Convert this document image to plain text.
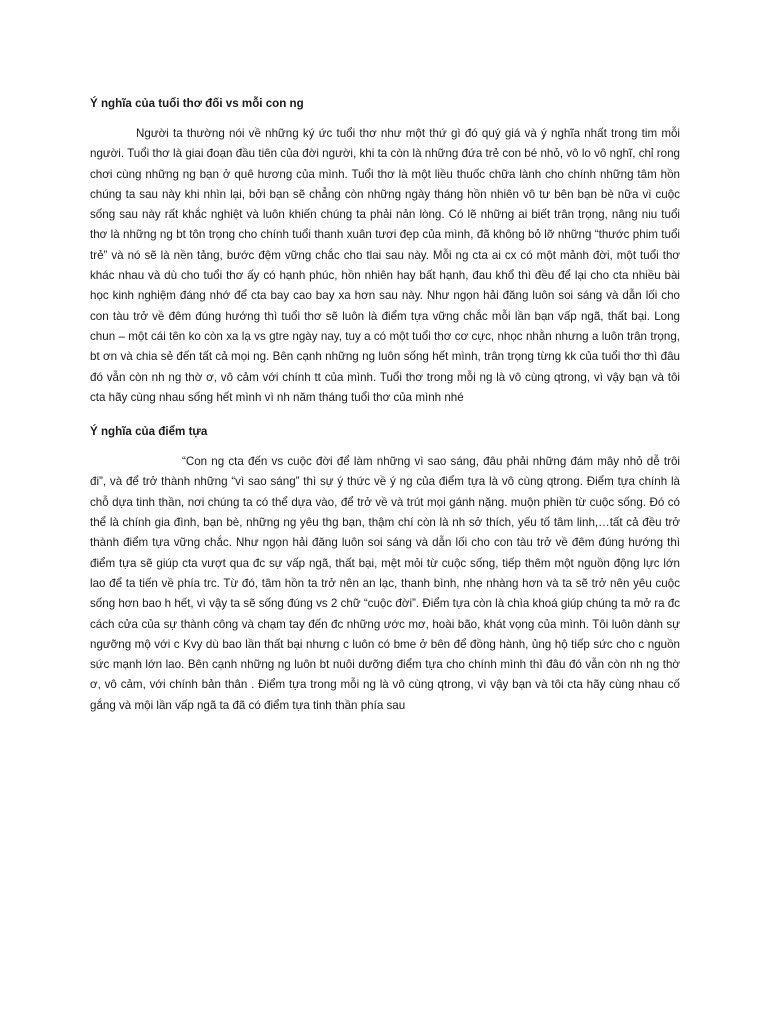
Ý nghĩa của tuổi thơ đối vs mỗi con ng

Người ta thường nói về những ký ức tuổi thơ như một thứ gì đó quý giá và ý nghĩa nhất trong tim mỗi người. Tuổi thơ là giai đoạn đầu tiên của đời người, khi ta còn là những đứa trẻ con bé nhỏ, vô lo vô nghĩ, chỉ rong chơi cùng những ng bạn ở quê hương của mình. Tuổi thơ là một liều thuốc chữa lành cho chính những tâm hồn chúng ta sau này khi nhìn lại, bởi bạn sẽ chẳng còn những ngày tháng hồn nhiên vô tư bên bạn bè nữa vì cuộc sống sau này rất khắc nghiệt và luôn khiến chúng ta phải nản lòng. Có lẽ những ai biết trân trọng, nâng niu tuổi thơ là những ng bt tôn trọng cho chính tuổi thanh xuân tươi đẹp của mình, đã không bỏ lỡ những “thước phim tuổi trẻ” và nó sẽ là nền tảng, bước đệm vững chắc cho tlai sau này. Mỗi ng cta ai cx có một mảnh đời, một tuổi thơ khác nhau và dù cho tuổi thơ ấy có hạnh phúc, hồn nhiên hay bất hạnh, đau khổ thì đều để lại cho cta nhiều bài học kinh nghiệm đáng nhớ để cta bay cao bay xa hơn sau này. Như ngọn hải đăng luôn soi sáng và dẫn lối cho con tàu trở về đêm đúng hướng thì tuổi thơ sẽ luôn là điểm tựa vững chắc mỗi lần bạn vấp ngã, thất bại. Long chun – một cái tên ko còn xa lạ vs gtre ngày nay, tuy a có một tuổi thơ cơ cực, nhọc nhằn nhưng a luôn trân trọng, bt ơn và chia sẻ đến tất cả mọi ng. Bên cạnh những ng luôn sống hết mình, trân trọng từng kk của tuổi thơ thì đâu đó vẫn còn nh ng thờ ơ, vô cảm với chính tt của mình. Tuổi thơ trong mỗi ng là vô cùng qtrong, vì vậy bạn và tôi cta hãy cùng nhau sống hết mình vì nh năm tháng tuổi thơ của mình nhé

Ý nghĩa của điểm tựa

“Con ng cta đến vs cuộc đời để làm những vì sao sáng, đâu phải những đám mây nhỏ dễ trôi đi”, và để trở thành những “vì sao sáng” thì sự ý thức về ý ng của điểm tựa là vô cùng qtrong. Điểm tựa chính là chỗ dựa tinh thần, nơi chúng ta có thể dựa vào, để trở về và trút mọi gánh nặng. muộn phiền từ cuộc sống. Đó có thể là chính gia đình, bạn bè, những ng yêu thg bạn, thậm chí còn là nh sở thích, yếu tố tâm linh,…tất cả đều trở thành điểm tựa vững chắc. Như ngọn hải đăng luôn soi sáng và dẫn lối cho con tàu trở về đêm đúng hướng thì điểm tựa sẽ giúp cta vượt qua đc sự vấp ngã, thất bại, mệt mỏi từ cuộc sống, tiếp thêm một nguồn động lực lớn lao để ta tiến về phía trc. Từ đó, tâm hồn ta trở nên an lạc, thanh bình, nhẹ nhàng hơn và ta sẽ trở nên yêu cuộc sống hơn bao h hết, vì vậy ta sẽ sống đúng vs 2 chữ “cuộc đời”. Điểm tựa còn là chìa khoá giúp chúng ta mở ra đc cách cửa của sự thành công và chạm tay đến đc những ước mơ, hoài bão, khát vọng của mình. Tôi luôn dành sự ngưỡng mộ với c Kvy dù bao lần thất bại nhưng c luôn có bme ở bên để đồng hành, ủng hộ tiếp sức cho c nguồn sức mạnh lớn lao. Bên cạnh những ng luôn bt nuôi dưỡng điểm tựa cho chính mình thì đâu đó vẫn còn nh ng thờ ơ, vô cảm, với chính bản thân . Điểm tựa trong mỗi ng là vô cùng qtrong, vì vậy bạn và tôi cta hãy cùng nhau cố gắng và mội lần vấp ngã ta đã có điểm tựa tinh thần phía sau
